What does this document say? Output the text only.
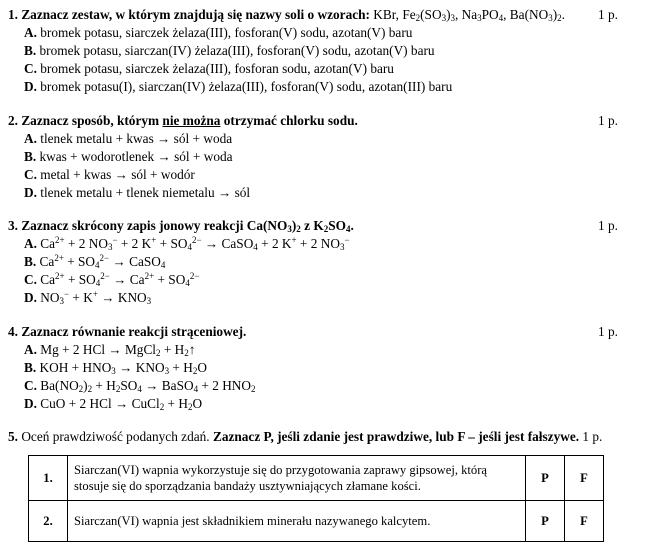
1. Zaznacz zestaw, w którym znajdują się nazwy soli o wzorach: KBr, $Fe_2(SO_3)_3$, $Na_3PO_4$, $Ba(NO_3)_2$. 1 p.
A. bromek potasu, siarczek żelaza(III), fosforan(V) sodu, azotan(V) baru
B. bromek potasu, siarczan(IV) żelaza(III), fosforan(V) sodu, azotan(V) baru
C. bromek potasu, siarczek żelaza(III), fosforan sodu, azotan(V) baru
D. bromek potasu(I), siarczan(IV) żelaza(III), fosforan(V) sodu, azotan(III) baru
2. Zaznacz sposób, którym nie można otrzymać chlorku sodu.	1 p.
A. tlenek metalu + kwas → sól + woda
B. kwas + wodorotlenek → sól + woda
C. metal + kwas → sól + wodór
D. tlenek metalu + tlenek niemetalu → sól
3. Zaznacz skrócony zapis jonowy reakcji $Ca(NO_3)_2$ z $K_2SO_4$.	1 p.
A. $Ca^{2+} + 2$ $NO_3^- + 2$ $K^+ + SO_4^{2-}$ → CaSO$_4$ + 2 K+ + 2 $NO_3^-$
B. $Ca^{2+} + SO_4^{2-}$ → CaSO$_4$
C. $Ca^{2+} + SO_4^{2-} \to Ca^{2+} + SO_4^{2-}$
D. $NO_3^- + K^+ \to KNO_3$
4. Zaznacz równanie reakcji strąceniowej.	1 p.
A. Mg + 2 HCl → MgCl$_2$ + $H_2↑$
B. KOH + $HNO_3 \to KNO_3 + H_2O$
C. $Ba(NO_2)_2 + H_2SO_4$ → BaSO$_4$ + 2 $HNO_2$
D. CuO + 2 HCl → CuCl$_2$ + $H_2O$
5. Oceń prawdziwość podanych zdań. Zaznacz P, jeśli zdanie jest prawdziwe, lub F – jeśli jest fałszywe. 1 p.
1.	Siarczan(VI) wapnia wykorzystuje się do przygotowania zaprawy gipsowej, którą stosuje się do sporządzania bandaży usztywniających złamane kości.	P	F
2.	Siarczan(VI) wapnia jest składnikiem minerału nazywanego kalcytem.	P	F
